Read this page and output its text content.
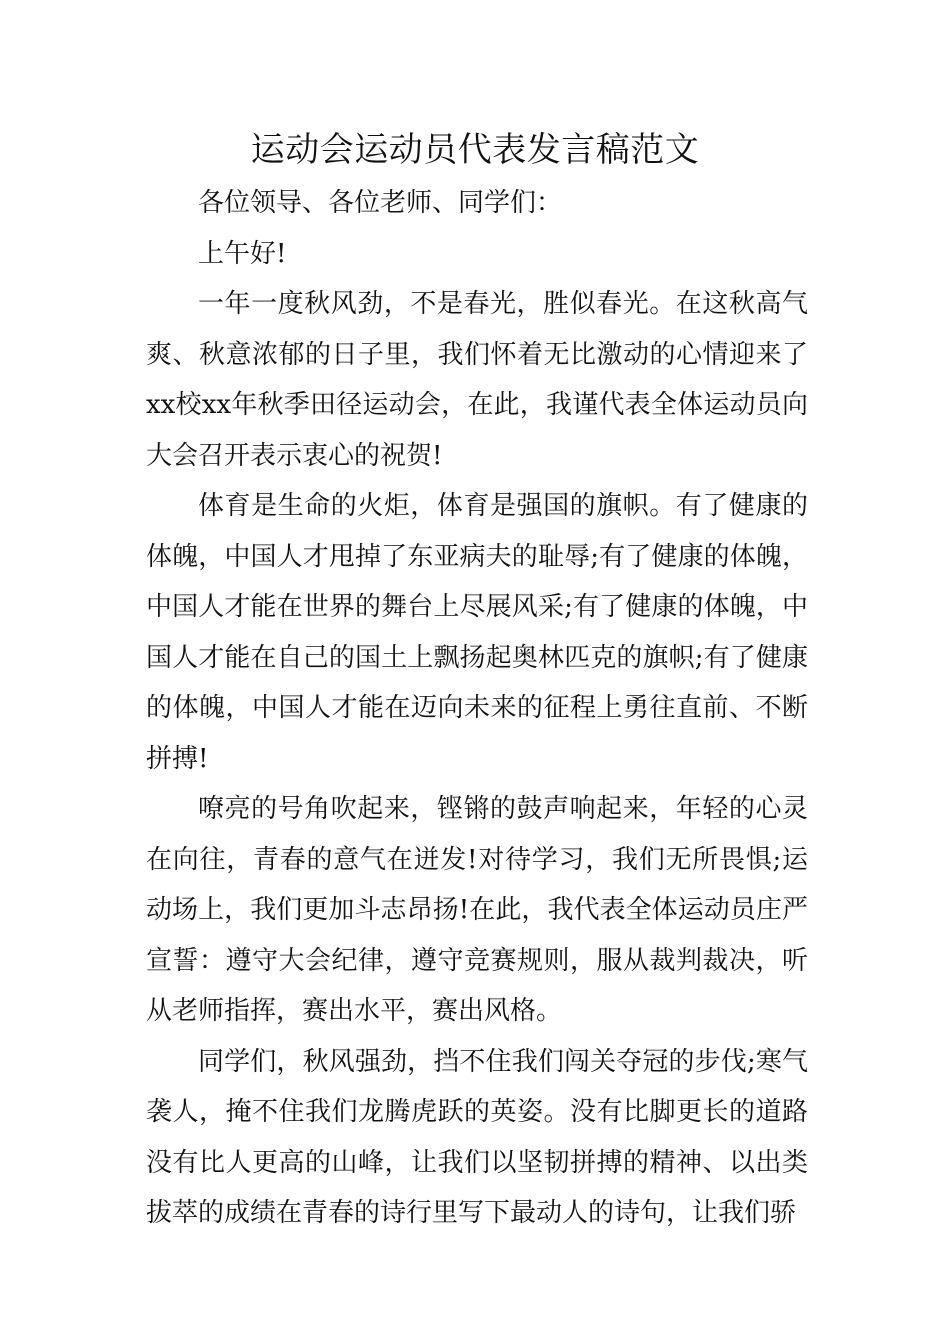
运动会运动员代表发言稿范文

各位领导、各位老师、同学们：

上午好!

一年一度秋风劲，不是春光，胜似春光。在这秋高气爽、秋意浓郁的日子里，我们怀着无比激动的心情迎来了xx校xx年秋季田径运动会，在此，我谨代表全体运动员向大会召开表示衷心的祝贺!

体育是生命的火炬，体育是强国的旗帜。有了健康的体魄，中国人才甩掉了东亚病夫的耻辱;有了健康的体魄，中国人才能在世界的舞台上尽展风采;有了健康的体魄，中国人才能在自己的国土上飘扬起奥林匹克的旗帜;有了健康的体魄，中国人才能在迈向未来的征程上勇往直前、不断拼搏!

嘹亮的号角吹起来，铿锵的鼓声响起来，年轻的心灵在向往，青春的意气在迸发!对待学习，我们无所畏惧;运动场上，我们更加斗志昂扬!在此，我代表全体运动员庄严宣誓：遵守大会纪律，遵守竞赛规则，服从裁判裁决，听从老师指挥，赛出水平，赛出风格。

同学们，秋风强劲，挡不住我们闯关夺冠的步伐;寒气袭人，掩不住我们龙腾虎跃的英姿。没有比脚更长的道路没有比人更高的山峰，让我们以坚韧拼搏的精神、以出类拔萃的成绩在青春的诗行里写下最动人的诗句，让我们骄
